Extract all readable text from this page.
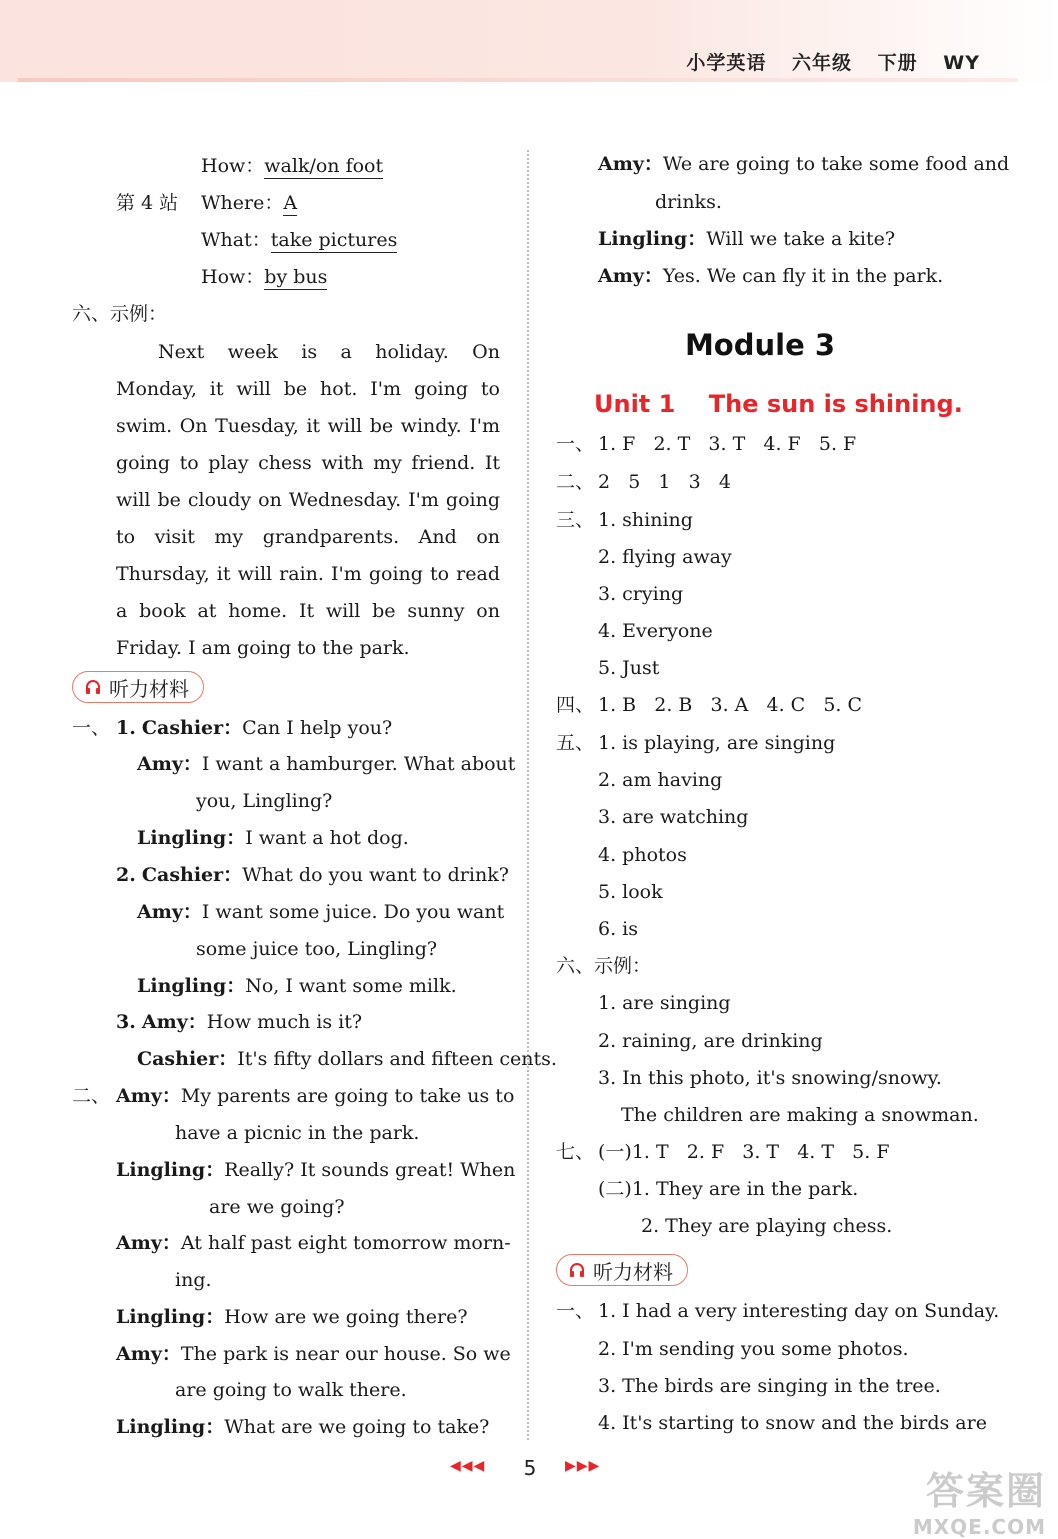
小学英语 六年级 下册 WY
How：walk/on foot
第 4 站 Where：A
What：take pictures
How：by bus
六、示例：
Next week is a holiday. On Monday, it will be hot. I'm going to swim. On Tuesday, it will be windy. I'm going to play chess with my friend. It will be cloudy on Wednesday. I'm going to visit my grandparents. And on Thursday, it will rain. I'm going to read a book at home. It will be sunny on Friday. I am going to the park.
听力材料
一、 1. Cashier：Can I help you?
Amy：I want a hamburger. What about
you, Lingling?
Lingling：I want a hot dog.
2. Cashier：What do you want to drink?
Amy：I want some juice. Do you want
some juice too, Lingling?
Lingling：No, I want some milk.
3. Amy：How much is it?
Cashier：It's fifty dollars and fifteen cents.
二、 Amy：My parents are going to take us to
have a picnic in the park.
Lingling：Really? It sounds great! When
are we going?
Amy：At half past eight tomorrow morn-
ing.
Lingling：How are we going there?
Amy：The park is near our house. So we
are going to walk there.
Lingling：What are we going to take?
Amy：We are going to take some food and
drinks.
Lingling：Will we take a kite?
Amy：Yes. We can fly it in the park.
Module 3
Unit 1    The sun is shining.
一、 1. F   2. T   3. T   4. F   5. F
二、 2   5   1   3   4
三、 1. shining
2. flying away
3. crying
4. Everyone
5. Just
四、 1. B   2. B   3. A   4. C   5. C
五、 1. is playing, are singing
2. am having
3. are watching
4. photos
5. look
6. is
六、示例：
1. are singing
2. raining, are drinking
3. In this photo, it's snowing/snowy.
The children are making a snowman.
七、 (一)1. T   2. F   3. T   4. T   5. F
(二)1. They are in the park.
2. They are playing chess.
听力材料
一、 1. I had a very interesting day on Sunday.
2. I'm sending you some photos.
3. The birds are singing in the tree.
4. It's starting to snow and the birds are
◀◀◀ 5 ▶▶▶
答案圈
MXQE.COM
